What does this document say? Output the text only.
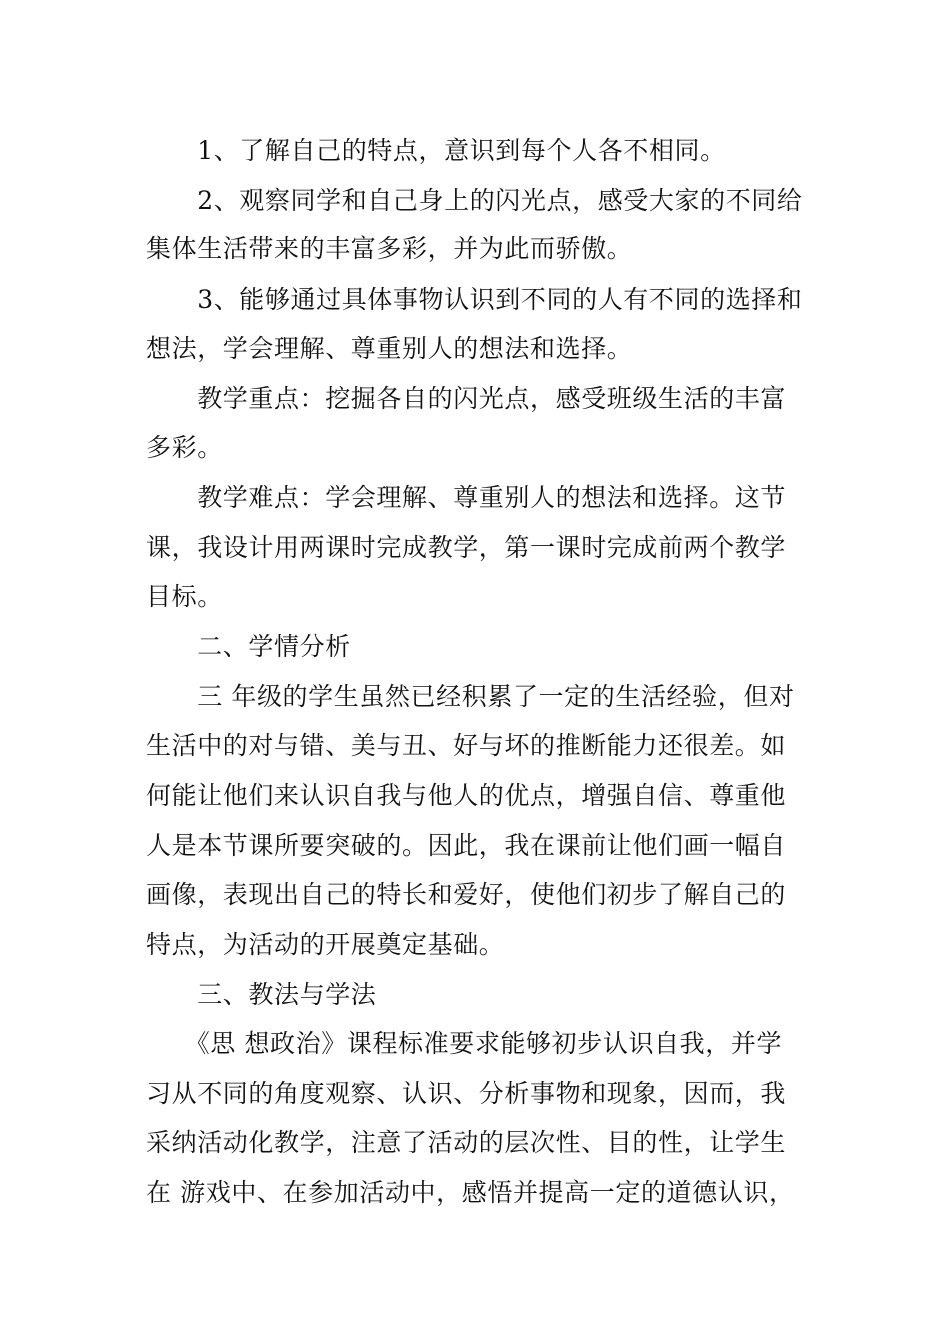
　　1、了解自己的特点，意识到每个人各不相同。
　　2、观察同学和自己身上的闪光点，感受大家的不同给
集体生活带来的丰富多彩，并为此而骄傲。
　　3、能够通过具体事物认识到不同的人有不同的选择和
想法，学会理解、尊重别人的想法和选择。
　　教学重点：挖掘各自的闪光点，感受班级生活的丰富
多彩。
　　教学难点：学会理解、尊重别人的想法和选择。这节
课，我设计用两课时完成教学，第一课时完成前两个教学
目标。
　　二、学情分析
　　三 年级的学生虽然已经积累了一定的生活经验，但对
生活中的对与错、美与丑、好与坏的推断能力还很差。如
何能让他们来认识自我与他人的优点，增强自信、尊重他
人是本节课所要突破的。因此，我在课前让他们画一幅自
画像，表现出自己的特长和爱好，使他们初步了解自己的
特点，为活动的开展奠定基础。
　　三、教法与学法
　　《思 想政治》课程标准要求能够初步认识自我，并学
习从不同的角度观察、认识、分析事物和现象，因而，我
采纳活动化教学，注意了活动的层次性、目的性，让学生
在 游戏中、在参加活动中，感悟并提高一定的道德认识，
